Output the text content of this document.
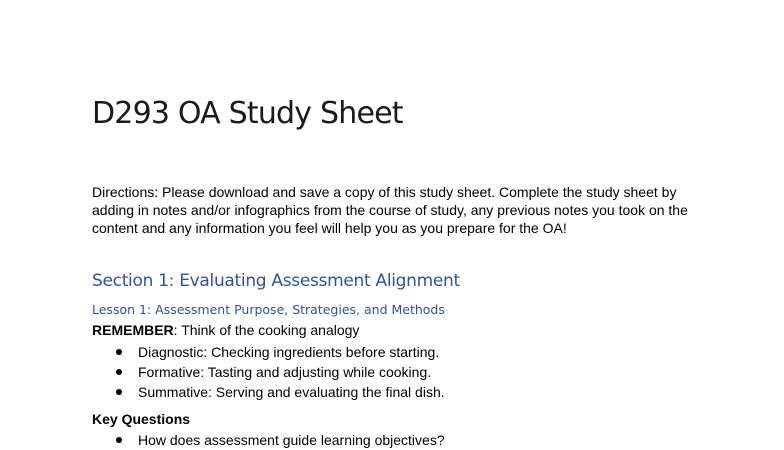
D293 OA Study Sheet

Directions: Please download and save a copy of this study sheet. Complete the study sheet by adding in notes and/or infographics from the course of study, any previous notes you took on the content and any information you feel will help you as you prepare for the OA!

Section 1: Evaluating Assessment Alignment
Lesson 1: Assessment Purpose, Strategies, and Methods

REMEMBER: Think of the cooking analogy

Diagnostic: Checking ingredients before starting.
Formative: Tasting and adjusting while cooking.
Summative: Serving and evaluating the final dish.

Key Questions

How does assessment guide learning objectives?
